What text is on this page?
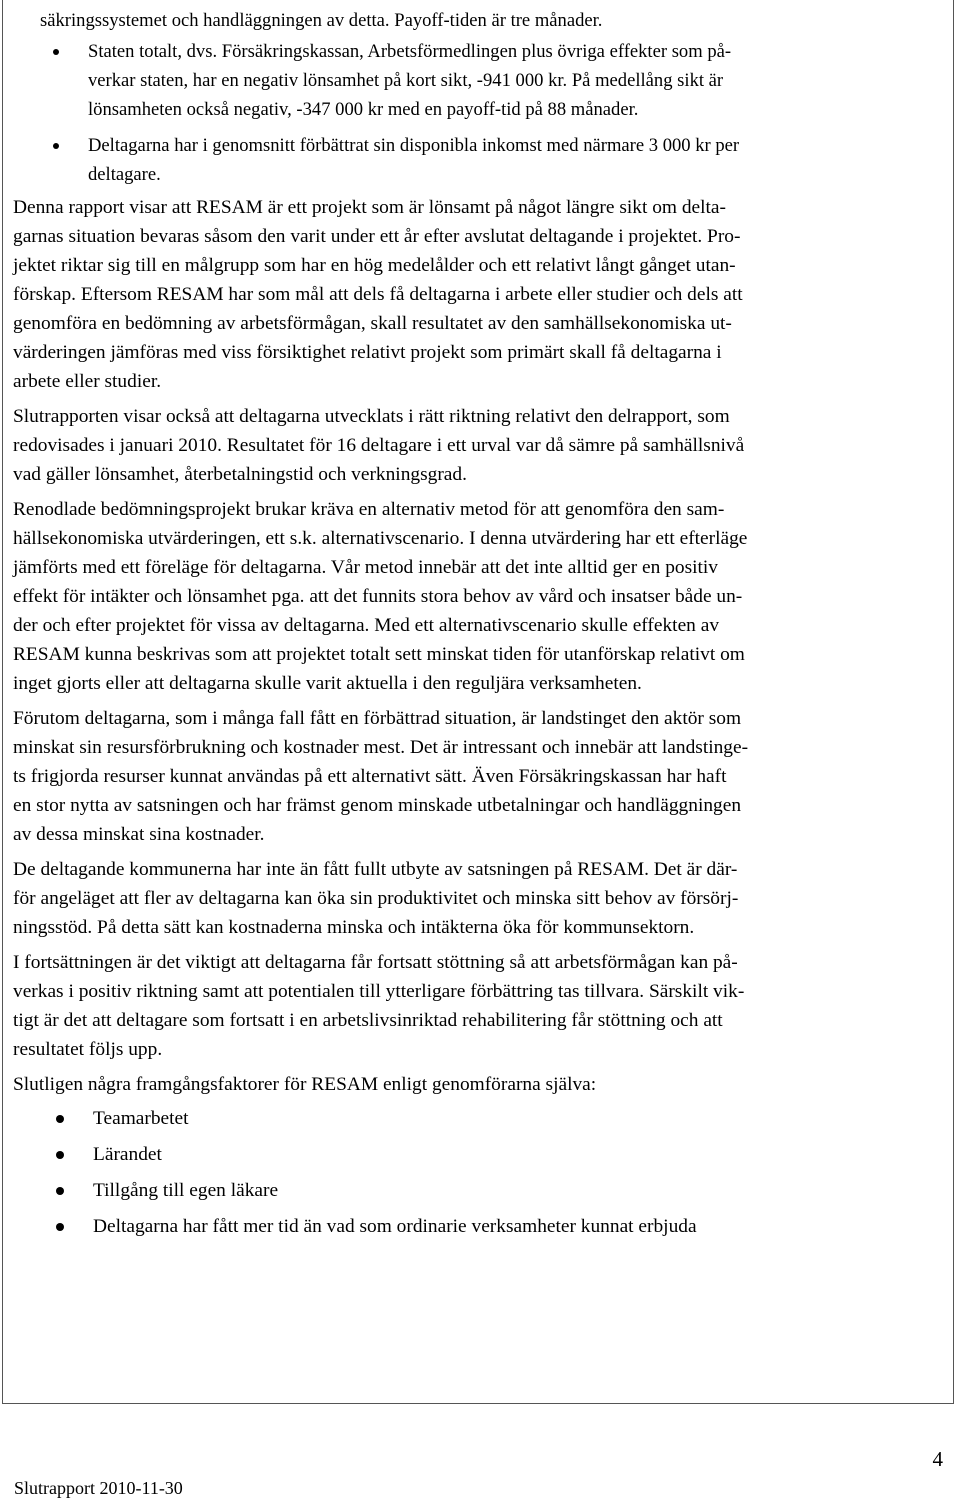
säkringssystemet och handläggningen av detta. Payoff-tiden är tre månader.

Staten totalt, dvs. Försäkringskassan, Arbetsförmedlingen plus övriga effekter som på-
verkar staten, har en negativ lönsamhet på kort sikt, -941 000 kr. På medellång sikt är
lönsamheten också negativ, -347 000 kr med en payoff-tid på 88 månader.
Deltagarna har i genomsnitt förbättrat sin disponibla inkomst med närmare 3 000 kr per
deltagare.

Denna rapport visar att RESAM är ett projekt som är lönsamt på något längre sikt om delta-
garnas situation bevaras såsom den varit under ett år efter avslutat deltagande i projektet. Pro-
jektet riktar sig till en målgrupp som har en hög medelålder och ett relativt långt gånget utan-
förskap. Eftersom RESAM har som mål att dels få deltagarna i arbete eller studier och dels att
genomföra en bedömning av arbetsförmågan, skall resultatet av den samhällsekonomiska ut-
värderingen jämföras med viss försiktighet relativt projekt som primärt skall få deltagarna i
arbete eller studier.

Slutrapporten visar också att deltagarna utvecklats i rätt riktning relativt den delrapport, som
redovisades i januari 2010. Resultatet för 16 deltagare i ett urval var då sämre på samhällsnivå
vad gäller lönsamhet, återbetalningstid och verkningsgrad.

Renodlade bedömningsprojekt brukar kräva en alternativ metod för att genomföra den sam-
hällsekonomiska utvärderingen, ett s.k. alternativscenario. I denna utvärdering har ett efterläge
jämförts med ett föreläge för deltagarna. Vår metod innebär att det inte alltid ger en positiv
effekt för intäkter och lönsamhet pga. att det funnits stora behov av vård och insatser både un-
der och efter projektet för vissa av deltagarna. Med ett alternativscenario skulle effekten av
RESAM kunna beskrivas som att projektet totalt sett minskat tiden för utanförskap relativt om
inget gjorts eller att deltagarna skulle varit aktuella i den reguljära verksamheten.

Förutom deltagarna, som i många fall fått en förbättrad situation, är landstinget den aktör som
minskat sin resursförbrukning och kostnader mest. Det är intressant och innebär att landstinge-
ts frigjorda resurser kunnat användas på ett alternativt sätt. Även Försäkringskassan har haft
en stor nytta av satsningen och har främst genom minskade utbetalningar och handläggningen
av dessa minskat sina kostnader.

De deltagande kommunerna har inte än fått fullt utbyte av satsningen på RESAM. Det är där-
för angeläget att fler av deltagarna kan öka sin produktivitet och minska sitt behov av försörj-
ningsstöd. På detta sätt kan kostnaderna minska och intäkterna öka för kommunsektorn.

I fortsättningen är det viktigt att deltagarna får fortsatt stöttning så att arbetsförmågan kan på-
verkas i positiv riktning samt att potentialen till ytterligare förbättring tas tillvara. Särskilt vik-
tigt är det att deltagare som fortsatt i en arbetslivsinriktad rehabilitering får stöttning och att
resultatet följs upp.

Slutligen några framgångsfaktorer för RESAM enligt genomförarna själva:

Teamarbetet
Lärandet
Tillgång till egen läkare
Deltagarna har fått mer tid än vad som ordinarie verksamheter kunnat erbjuda
4
Slutrapport 2010-11-30
